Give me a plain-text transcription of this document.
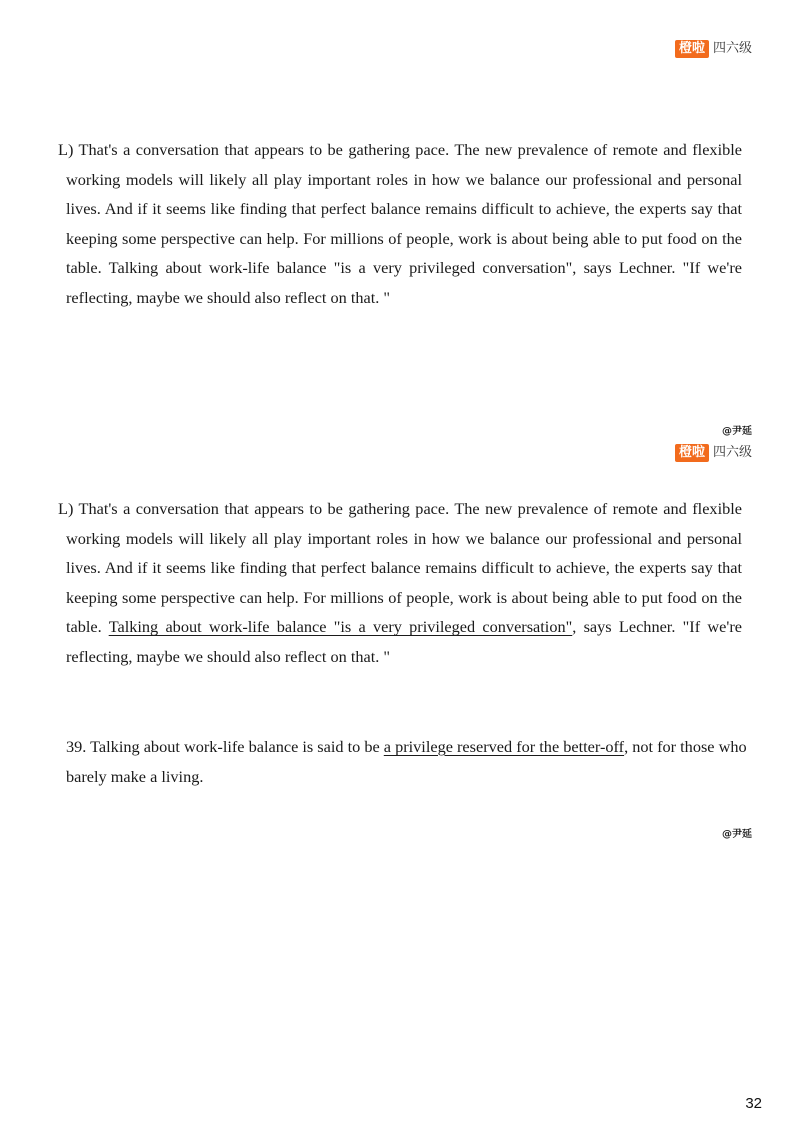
橙啦 四六级

L) That's a conversation that appears to be gathering pace. The new prevalence of remote and flexible working models will likely all play important roles in how we balance our professional and personal lives. And if it seems like finding that perfect balance remains difficult to achieve, the experts say that keeping some perspective can help. For millions of people, work is about being able to put food on the table. Talking about work-life balance "is a very privileged conversation", says Lechner. "If we're reflecting, maybe we should also reflect on that. "

@尹延
橙啦 四六级

L) That's a conversation that appears to be gathering pace. The new prevalence of remote and flexible working models will likely all play important roles in how we balance our professional and personal lives. And if it seems like finding that perfect balance remains difficult to achieve, the experts say that keeping some perspective can help. For millions of people, work is about being able to put food on the table. Talking about work-life balance "is a very privileged conversation", says Lechner. "If we're reflecting, maybe we should also reflect on that. "

39. Talking about work-life balance is said to be a privilege reserved for the better-off, not for those who barely make a living.

@尹延
32
